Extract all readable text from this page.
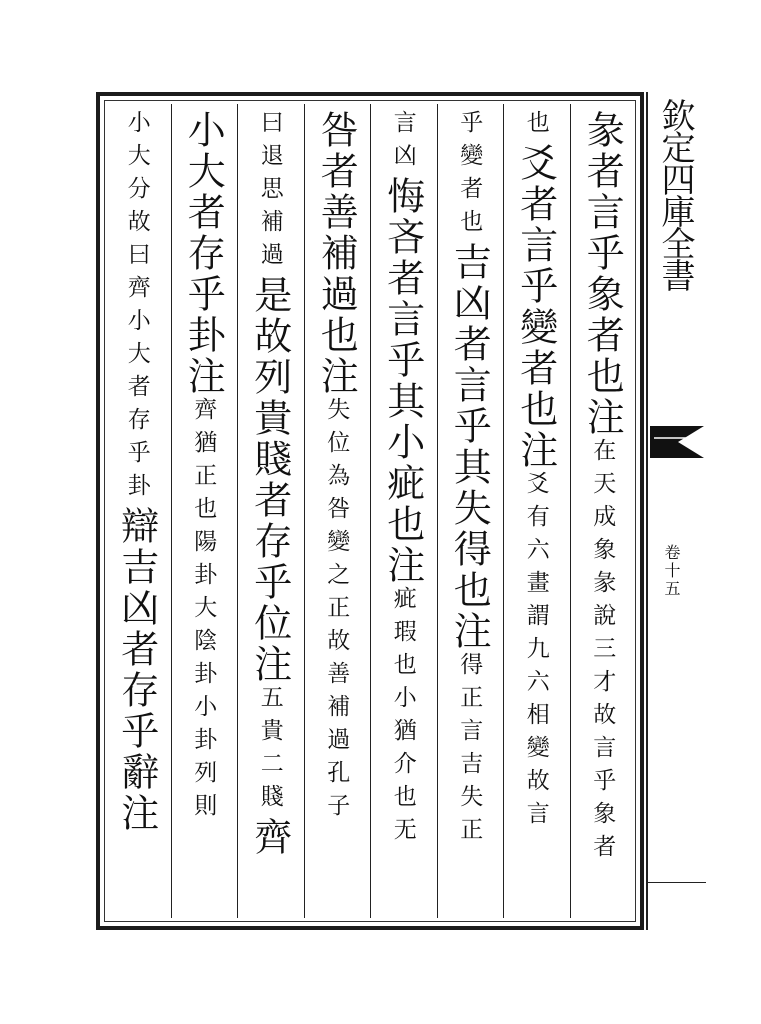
彖者言乎象者也注在天成象彖說三才故言乎象者
也爻者言乎變者也注爻有六畫謂九六相變故言
乎變者也吉凶者言乎其失得也注得正言吉失正
言凶悔吝者言乎其小疵也注疵瑕也小猶介也无
咎者善補過也注失位為咎變之正故善補過孔子
曰退思補過是故列貴賤者存乎位注五貴二賤齊
小大者存乎卦注齊猶正也陽卦大陰卦小卦列則
小大分故曰齊小大者存乎卦辯吉凶者存乎辭注
欽定四庫全書
卷十五
